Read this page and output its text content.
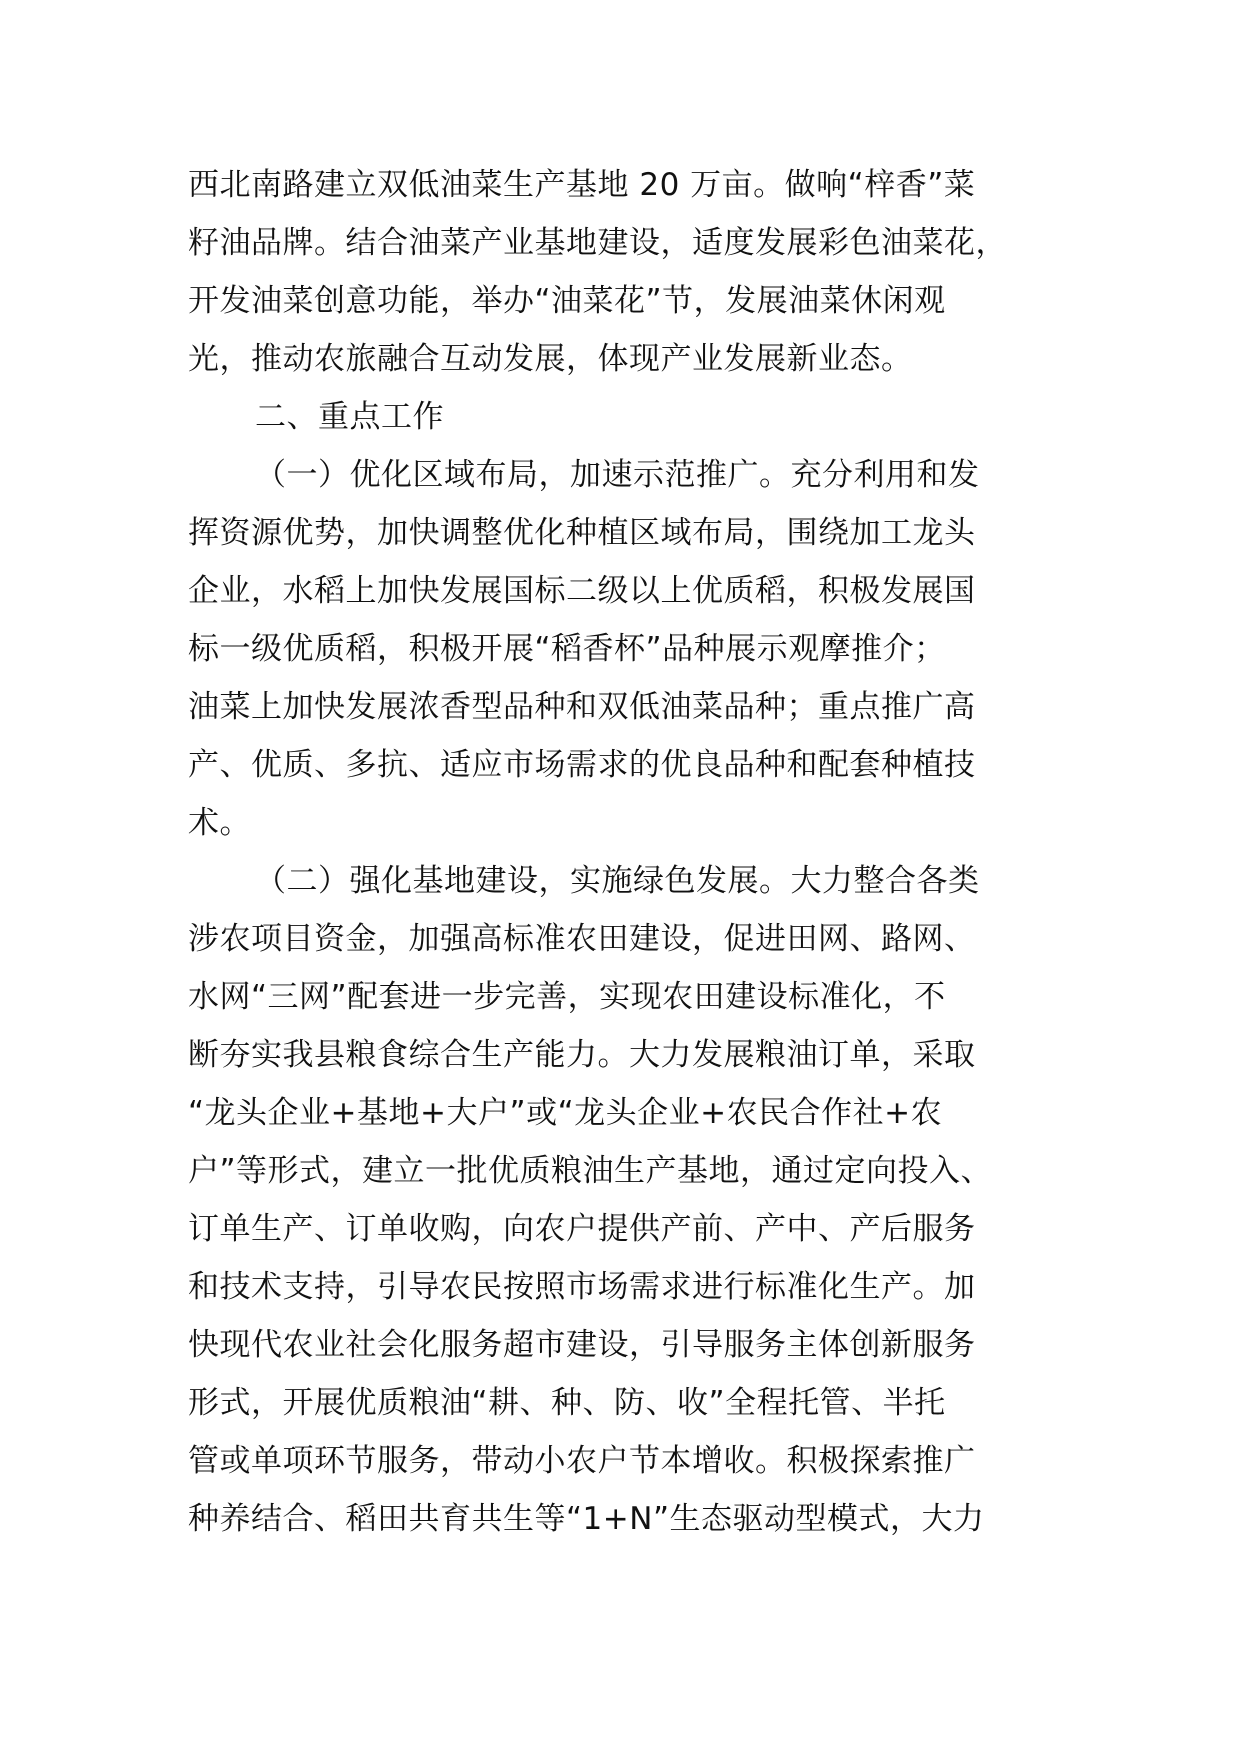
西北南路建立双低油菜生产基地 20 万亩。做响“梓香”菜
籽油品牌。结合油菜产业基地建设，适度发展彩色油菜花，
开发油菜创意功能，举办“油菜花”节，发展油菜休闲观
光，推动农旅融合互动发展，体现产业发展新业态。
二、重点工作
（一）优化区域布局，加速示范推广。充分利用和发
挥资源优势，加快调整优化种植区域布局，围绕加工龙头
企业，水稻上加快发展国标二级以上优质稻，积极发展国
标一级优质稻，积极开展“稻香杯”品种展示观摩推介；
油菜上加快发展浓香型品种和双低油菜品种；重点推广高
产、优质、多抗、适应市场需求的优良品种和配套种植技
术。
（二）强化基地建设，实施绿色发展。大力整合各类
涉农项目资金，加强高标准农田建设，促进田网、路网、
水网“三网”配套进一步完善，实现农田建设标准化，不
断夯实我县粮食综合生产能力。大力发展粮油订单，采取
“龙头企业+基地+大户”或“龙头企业+农民合作社+农
户”等形式，建立一批优质粮油生产基地，通过定向投入、
订单生产、订单收购，向农户提供产前、产中、产后服务
和技术支持，引导农民按照市场需求进行标准化生产。加
快现代农业社会化服务超市建设，引导服务主体创新服务
形式，开展优质粮油“耕、种、防、收”全程托管、半托
管或单项环节服务，带动小农户节本增收。积极探索推广
种养结合、稻田共育共生等“1+N”生态驱动型模式，大力
